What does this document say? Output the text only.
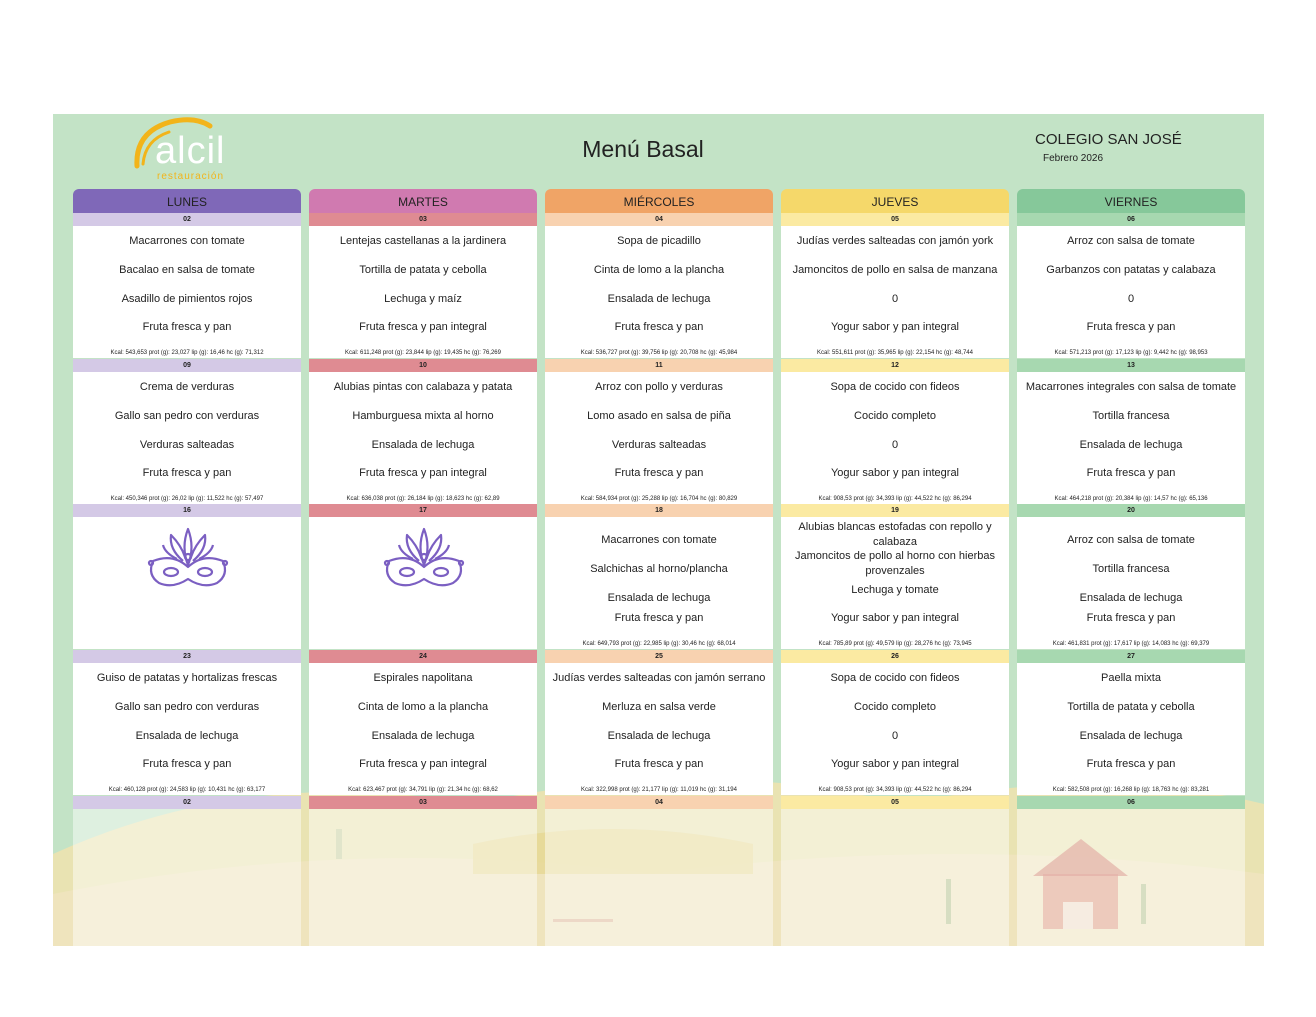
alcil
restauración
Menú Basal	COLEGIO SAN JOSÉ
Febrero 2026
LUNES
02
Macarrones con tomate
Bacalao en salsa de tomate
Asadillo de pimientos rojos
Fruta fresca y pan
Kcal: 543,653 prot (g): 23,027 lip (g): 16,46 hc (g): 71,312
09
Crema de verduras
Gallo san pedro con verduras
Verduras salteadas
Fruta fresca y pan
Kcal: 450,346 prot (g): 26,02 lip (g): 11,522 hc (g): 57,497
16
23
Guiso de patatas y hortalizas frescas
Gallo san pedro con verduras
Ensalada de lechuga
Fruta fresca y pan
Kcal: 460,128 prot (g): 24,583 lip (g): 10,431 hc (g): 63,177
02
MARTES
03
Lentejas castellanas a la jardinera
Tortilla de patata y cebolla
Lechuga y maíz
Fruta fresca y pan integral
Kcal: 611,248 prot (g): 23,844 lip (g): 19,435 hc (g): 76,269
10
Alubias pintas con calabaza y patata
Hamburguesa mixta al horno
Ensalada de lechuga
Fruta fresca y pan integral
Kcal: 636,038 prot (g): 26,184 lip (g): 18,623 hc (g): 62,89
17
24
Espirales napolitana
Cinta de lomo a la plancha
Ensalada de lechuga
Fruta fresca y pan integral
Kcal: 623,467 prot (g): 34,791 lip (g): 21,34 hc (g): 68,62
03
MIÉRCOLES
04
Sopa de picadillo
Cinta de lomo a la plancha
Ensalada de lechuga
Fruta fresca y pan
Kcal: 536,727 prot (g): 39,756 lip (g): 20,708 hc (g): 45,984
11
Arroz con pollo y verduras
Lomo asado en salsa de piña
Verduras salteadas
Fruta fresca y pan
Kcal: 584,934 prot (g): 25,288 lip (g): 16,704 hc (g): 80,829
18
Macarrones con tomate
Salchichas al horno/plancha
Ensalada de lechuga
Fruta fresca y pan
Kcal: 649,793 prot (g): 22,985 lip (g): 30,46 hc (g): 68,014
25
Judías verdes salteadas con jamón serrano
Merluza en salsa verde
Ensalada de lechuga
Fruta fresca y pan
Kcal: 322,998 prot (g): 21,177 lip (g): 11,019 hc (g): 31,194
04
JUEVES
05
Judías verdes salteadas con jamón york
Jamoncitos de pollo en salsa de manzana
0
Yogur sabor y pan integral
Kcal: 551,611 prot (g): 35,965 lip (g): 22,154 hc (g): 48,744
12
Sopa de cocido con fideos
Cocido completo
0
Yogur sabor y pan integral
Kcal: 908,53 prot (g): 34,393 lip (g): 44,522 hc (g): 86,294
19
Alubias blancas estofadas con repollo y calabaza
Jamoncitos de pollo al horno con hierbas provenzales
Lechuga y tomate
Yogur sabor y pan integral
Kcal: 785,89 prot (g): 49,579 lip (g): 28,276 hc (g): 73,945
26
Sopa de cocido con fideos
Cocido completo
0
Yogur sabor y pan integral
Kcal: 908,53 prot (g): 34,393 lip (g): 44,522 hc (g): 86,294
05
VIERNES
06
Arroz con salsa de tomate
Garbanzos con patatas y calabaza
0
Fruta fresca y pan
Kcal: 571,213 prot (g): 17,123 lip (g): 9,442 hc (g): 98,953
13
Macarrones integrales con salsa de tomate
Tortilla francesa
Ensalada de lechuga
Fruta fresca y pan
Kcal: 464,218 prot (g): 20,384 lip (g): 14,57 hc (g): 65,136
20
Arroz con salsa de tomate
Tortilla francesa
Ensalada de lechuga
Fruta fresca y pan
Kcal: 461,831 prot (g): 17,617 lip (g): 14,083 hc (g): 69,379
27
Paella mixta
Tortilla de patata y cebolla
Ensalada de lechuga
Fruta fresca y pan
Kcal: 582,508 prot (g): 16,268 lip (g): 18,763 hc (g): 83,281
06
